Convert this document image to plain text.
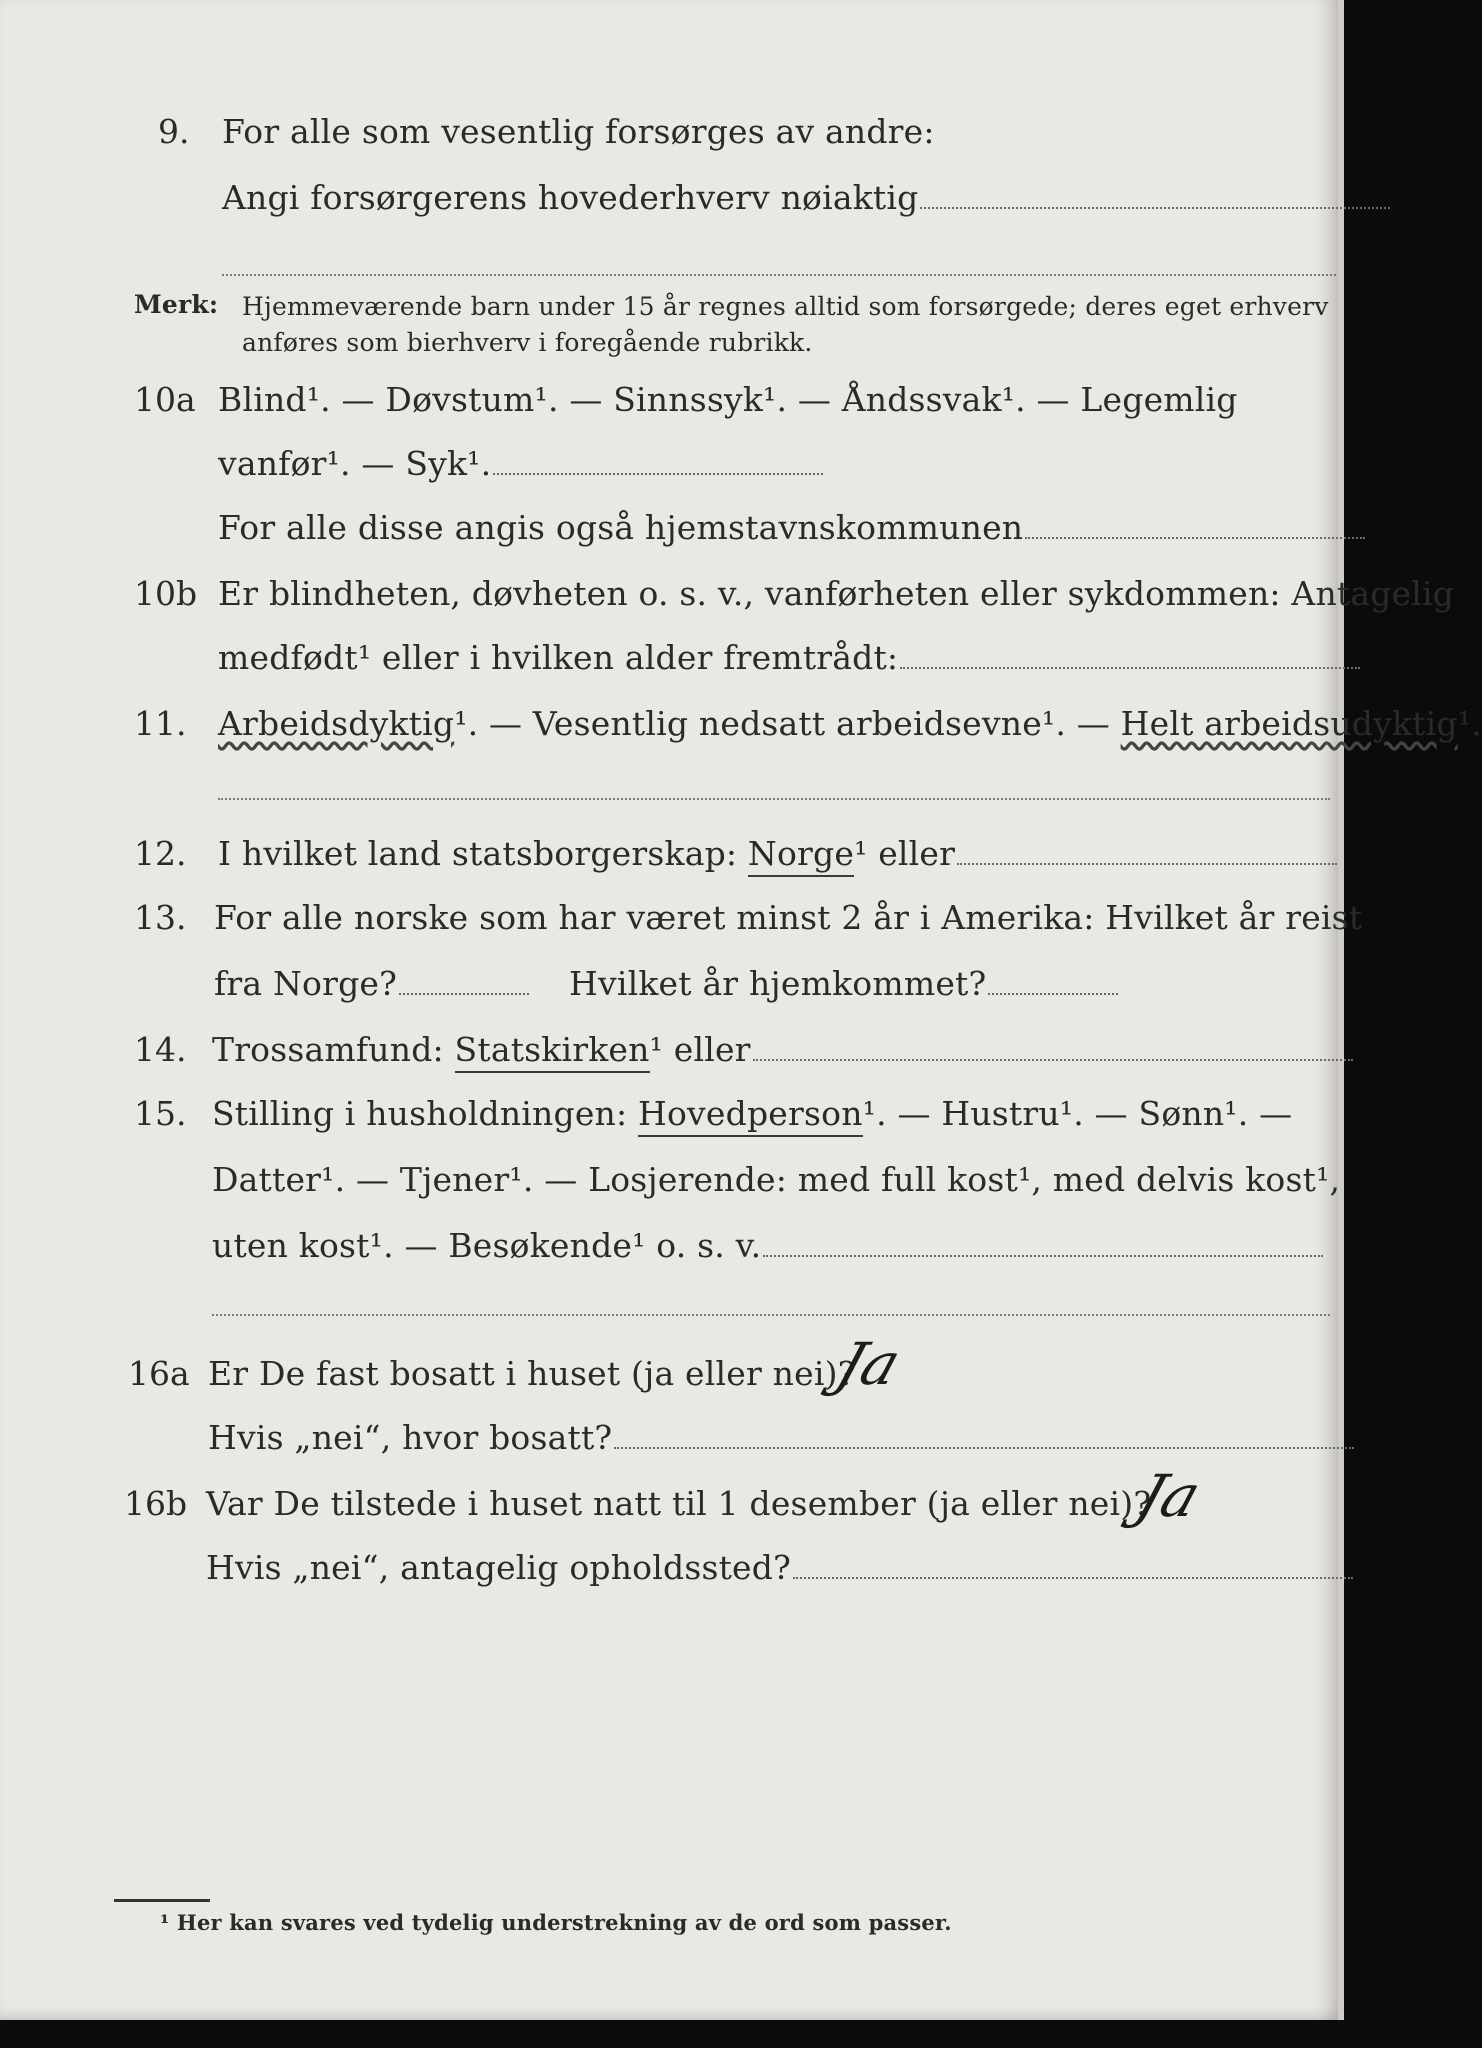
9. For alle som vesentlig forsørges av andre:
Angi forsørgerens hovederhverv nøiaktig
Merk: Hjemmeværende barn under 15 år regnes alltid som forsørgede; deres eget erhverv
anføres som bierhverv i foregående rubrikk.
10a Blind¹. — Døvstum¹. — Sinnssyk¹. — Åndssvak¹. — Legemlig
vanfør¹. — Syk¹.
For alle disse angis også hjemstavnskommunen
10b Er blindheten, døvheten o. s. v., vanførheten eller sykdommen: Antagelig
medfødt¹ eller i hvilken alder fremtrådt:
11. Arbeidsdyktig¹. — Vesentlig nedsatt arbeidsevne¹. — Helt arbeidsudyktig¹.
12. I hvilket land statsborgerskap: Norge¹ eller
13. For alle norske som har været minst 2 år i Amerika: Hvilket år reist
fra Norge?	Hvilket år hjemkommet?
14. Trossamfund: Statskirken¹ eller
15. Stilling i husholdningen: Hovedperson¹. — Hustru¹. — Sønn¹. —
Datter¹. — Tjener¹. — Losjerende: med full kost¹, med delvis kost¹,
uten kost¹. — Besøkende¹ o. s. v.
16a Er De fast bosatt i huset (ja eller nei)?
Ja
Hvis „nei“, hvor bosatt?
16b Var De tilstede i huset natt til 1 desember (ja eller nei)?
Ja
Hvis „nei“, antagelig opholdssted?
¹ Her kan svares ved tydelig understrekning av de ord som passer.
